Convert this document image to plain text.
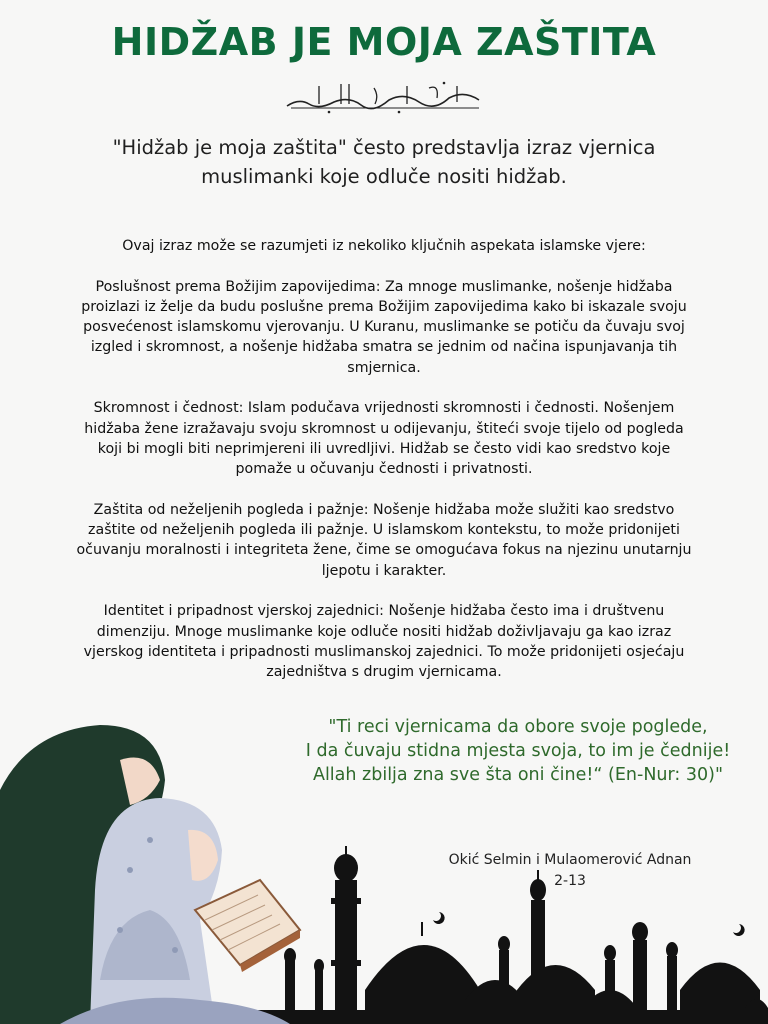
HIDŽAB JE MOJA ZAŠTITA
"Hidžab je moja zaštita" često predstavlja izraz vjernica
muslimanki koje odluče nositi hidžab.

Ovaj izraz može se razumjeti iz nekoliko ključnih aspekata islamske vjere:

Poslušnost prema Božijim zapovijedima: Za mnoge muslimanke, nošenje hidžaba proizlazi iz želje da budu poslušne prema Božijim zapovijedima kako bi iskazale svoju posvećenost islamskomu vjerovanju. U Kuranu, muslimanke se potiču da čuvaju svoj izgled i skromnost, a nošenje hidžaba smatra se jednim od načina ispunjavanja tih smjernica.

Skromnost i čednost: Islam podučava vrijednosti skromnosti i čednosti. Nošenjem hidžaba žene izražavaju svoju skromnost u odijevanju, štiteći svoje tijelo od pogleda koji bi mogli biti neprimjereni ili uvredljivi. Hidžab se često vidi kao sredstvo koje pomaže u očuvanju čednosti i privatnosti.

Zaštita od neželjenih pogleda i pažnje: Nošenje hidžaba može služiti kao sredstvo zaštite od neželjenih pogleda ili pažnje. U islamskom kontekstu, to može pridonijeti očuvanju moralnosti i integriteta žene, čime se omogućava fokus na njezinu unutarnju ljepotu i karakter.

Identitet i pripadnost vjerskoj zajednici: Nošenje hidžaba često ima i društvenu dimenziju. Mnoge muslimanke koje odluče nositi hidžab doživljavaju ga kao izraz vjerskog identiteta i pripadnosti muslimanskoj zajednici. To može pridonijeti osjećaju zajedništva s drugim vjernicama.

"Ti reci vjernicama da obore svoje poglede,
I da čuvaju stidna mjesta svoja, to im je čednije!
Allah zbilja zna sve šta oni čine!“ (En-Nur: 30)"
Okić Selmin i Mulaomerović Adnan
2-13
